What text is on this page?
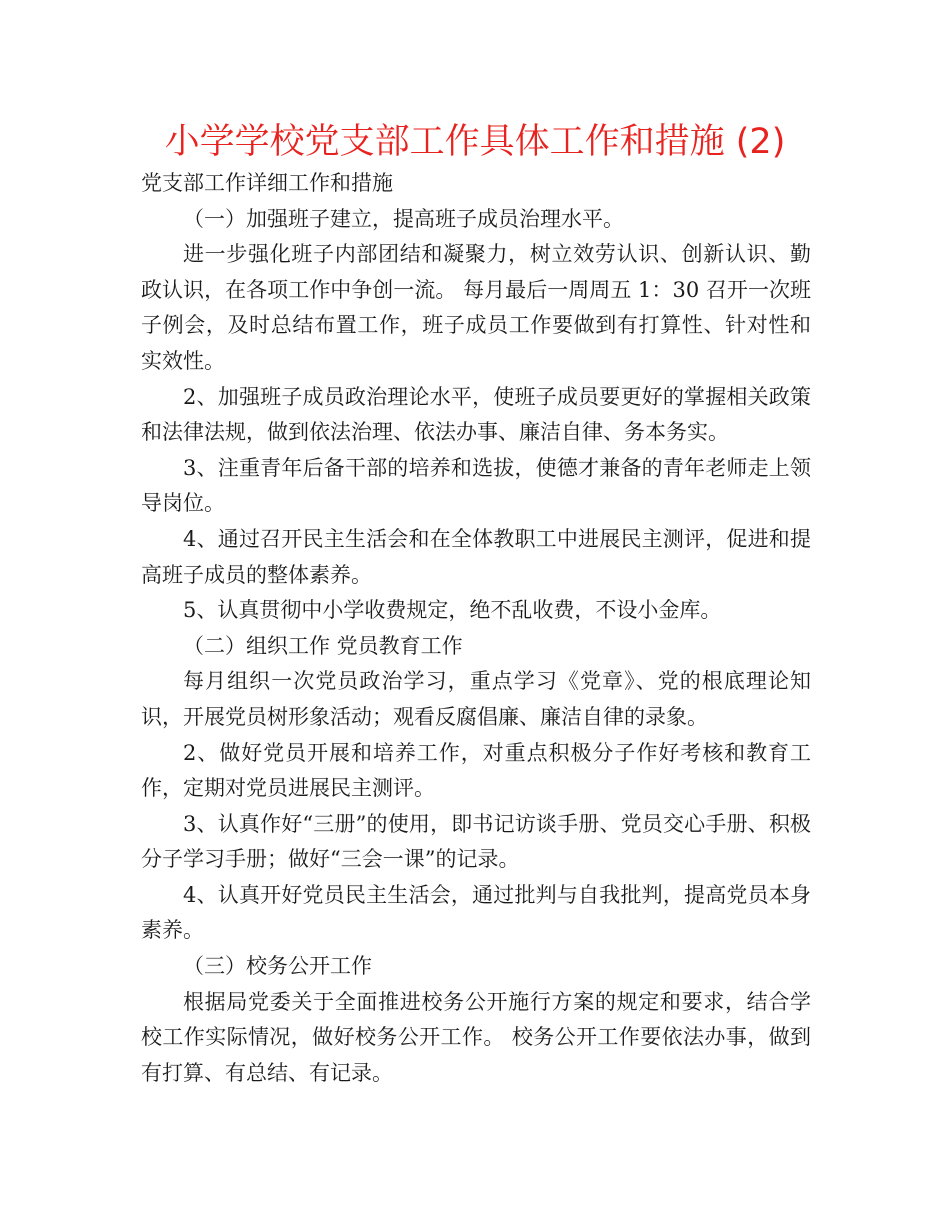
小学学校党支部工作具体工作和措施 (2)

党支部工作详细工作和措施

（一）加强班子建立，提高班子成员治理水平。

进一步强化班子内部团结和凝聚力，树立效劳认识、创新认识、勤政认识，在各项工作中争创一流。 每月最后一周周五 1：30 召开一次班子例会，及时总结布置工作，班子成员工作要做到有打算性、针对性和实效性。

2、加强班子成员政治理论水平，使班子成员要更好的掌握相关政策和法律法规，做到依法治理、依法办事、廉洁自律、务本务实。

3、注重青年后备干部的培养和选拔，使德才兼备的青年老师走上领导岗位。

4、通过召开民主生活会和在全体教职工中进展民主测评，促进和提高班子成员的整体素养。

5、认真贯彻中小学收费规定，绝不乱收费，不设小金库。

（二）组织工作 党员教育工作

每月组织一次党员政治学习，重点学习《党章》、党的根底理论知识，开展党员树形象活动；观看反腐倡廉、廉洁自律的录象。

2、做好党员开展和培养工作，对重点积极分子作好考核和教育工作，定期对党员进展民主测评。

3、认真作好“三册”的使用，即书记访谈手册、党员交心手册、积极分子学习手册；做好“三会一课”的记录。

4、认真开好党员民主生活会，通过批判与自我批判，提高党员本身素养。

（三）校务公开工作

根据局党委关于全面推进校务公开施行方案的规定和要求，结合学校工作实际情况，做好校务公开工作。 校务公开工作要依法办事，做到有打算、有总结、有记录。
